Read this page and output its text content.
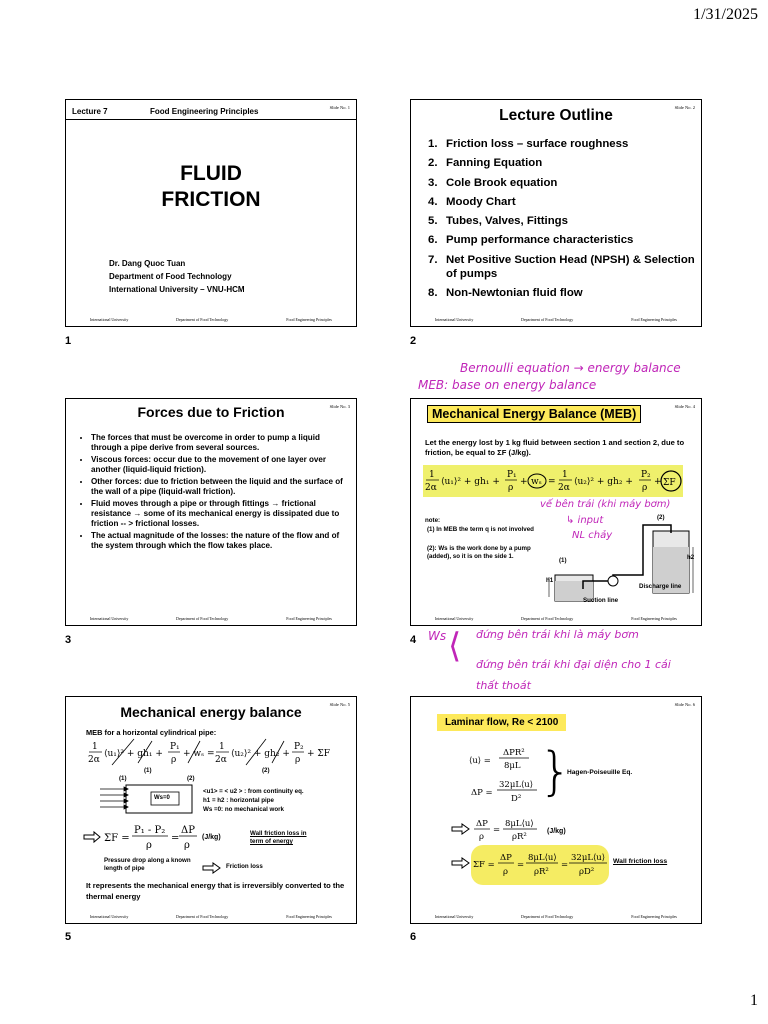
1/31/2025
1
Slide No. 1
Lecture 7	Food Engineering Principles
FLUID
FRICTION
Dr. Dang Quoc Tuan
Department of Food Technology
International University – VNU-HCM
International University	Department of Food Technology	Food Engineering Principles
1
Slide No. 2
Lecture Outline
1. Friction loss – surface roughness
2. Fanning Equation
3. Cole Brook equation
4. Moody Chart
5. Tubes, Valves, Fittings
6. Pump performance characteristics
7. Net Positive Suction Head (NPSH) & Selection of pumps
8. Non-Newtonian fluid flow
International University	Department of Food Technology	Food Engineering Principles
2
Bernoulli equation → energy balance
MEB: base on energy balance
Slide No. 3
Forces due to Friction
• The forces that must be overcome in order to pump a liquid through a pipe derive from several sources.
• Viscous forces: occur due to the movement of one layer over another (liquid-liquid friction).
• Other forces: due to friction between the liquid and the surface of the wall of a pipe (liquid-wall friction).
• Fluid moves through a pipe or through fittings → frictional resistance → some of its mechanical energy is dissipated due to friction -- > frictional losses.
• The actual magnitude of the losses: the nature of the flow and of the system through which the flow takes place.
International University	Department of Food Technology	Food Engineering Principles
3
Slide No. 4
Mechanical Energy Balance (MEB)
Let the energy lost by 1 kg fluid between section 1 and section 2, due to friction, be equal to ΣF (J/kg).
1
2α
⟨u₁⟩² + gh₁ +
P₁
ρ
+ wₛ =
1
2α
⟨u₂⟩² + gh₂ +
P₂
ρ
+ ΣF
note:
(1) In MEB the term q is not involved
(2): Ws is the work done by a pump (added), so it is on the side 1.
(1)
(2)
h1
h2
Discharge line
Suction line
International University	Department of Food Technology	Food Engineering Principles
vế bên trái (khi máy bơm)
↳ input
NL chảy
4 Ws ⟨ đứng bên trái khi là máy bơm
đứng bên trái khi đại diện cho 1 cái
thất thoát
Slide No. 5
Mechanical energy balance
MEB for a horizontal cylindrical pipe:
1
2α
⟨u₁⟩² + gh₁ +
P₁
ρ
+ wₛ =
1
2α
⟨u₂⟩² + gh₂ +
P₂
ρ
+ ΣF
(1)
(1)
(2)
(2)
Ws=0
<u1> = < u2 > : from continuity eq.
h1 = h2 : horizontal pipe
Ws =0: no mechanical work
ΣF =
P₁ - P₂
ρ
=
ΔP
ρ
(J/kg)
Wall friction loss in term of energy
Pressure drop along a known length of pipe	Friction loss
It represents the mechanical energy that is irreversibly converted to the thermal energy
International University	Department of Food Technology	Food Engineering Principles
5
Slide No. 6
Laminar flow, Re < 2100
⟨u⟩ =
ΔPR²
8μL
ΔP =
32μL⟨u⟩
D² }
Hagen-Poiseuille Eq.
ΔP
ρ
=
8μL⟨u⟩
ρR²
(J/kg)
ΣF =
ΔP
ρ
=
8μL⟨u⟩
ρR²
=
32μL⟨u⟩
ρD²
Wall friction loss
International University	Department of Food Technology	Food Engineering Principles
6
